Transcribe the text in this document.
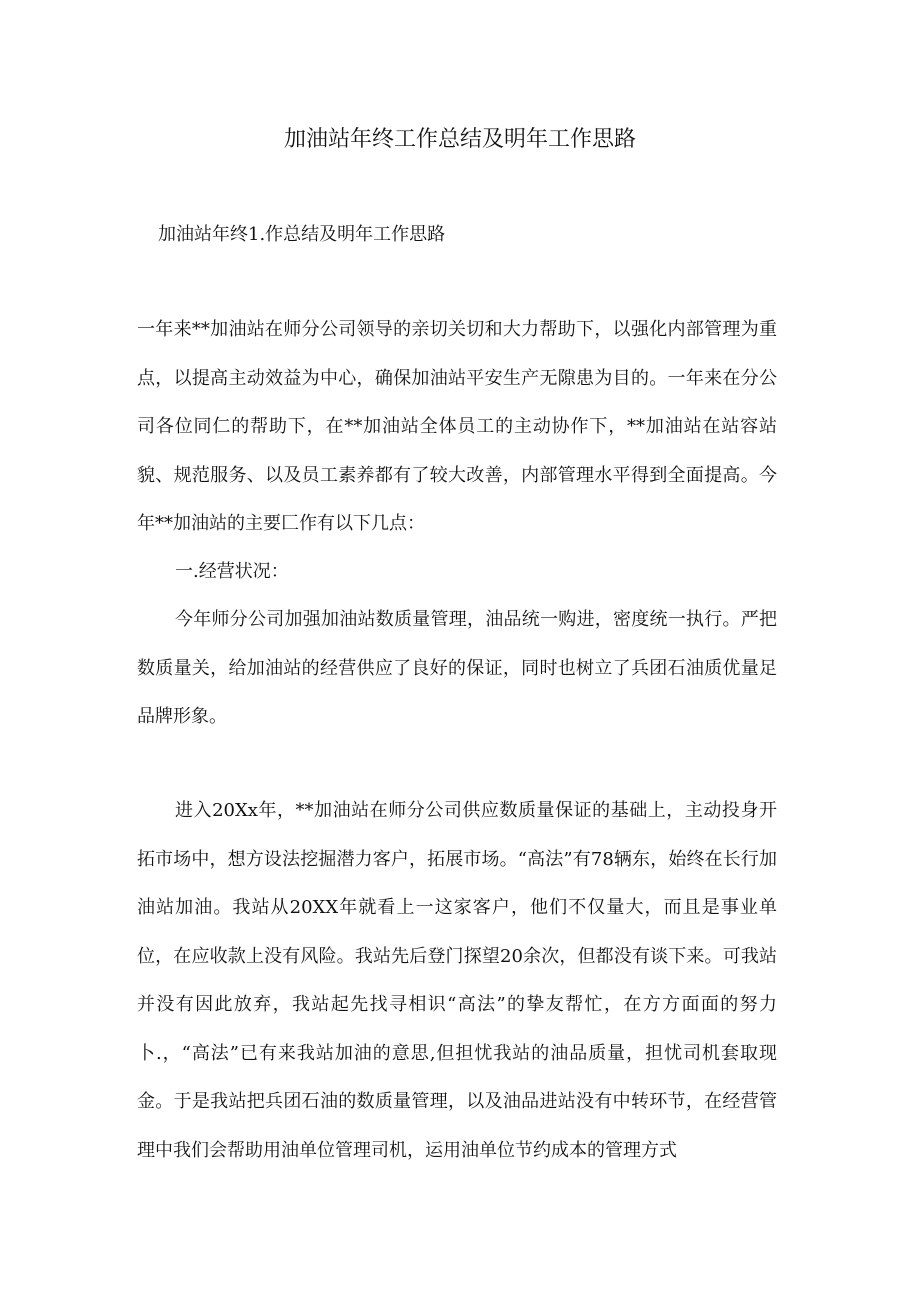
加油站年终工作总结及明年工作思路

加油站年终1.作总结及明年工作思路

一年来**加油站在师分公司领导的亲切关切和大力帮助下，以强化内部管理为重点，以提高主动效益为中心，确保加油站平安生产无隙患为目的。一年来在分公司各位同仁的帮助下，在**加油站全体员工的主动协作下，**加油站在站容站貌、规范服务、以及员工素养都有了较大改善，内部管理水平得到全面提高。今年**加油站的主要匚作有以下几点：

一.经营状况：

今年师分公司加强加油站数质量管理，油品统一购进，密度统一执行。严把数质量关，给加油站的经营供应了良好的保证，同时也树立了兵团石油质优量足品牌形象。

进入20Xx年，**加油站在师分公司供应数质量保证的基础上，主动投身开拓市场中，想方设法挖掘潜力客户，拓展市场。“高法”有78辆东，始终在长行加油站加油。我站从20XX年就看上一这家客户，他们不仅量大，而且是事业单位，在应收款上没有风险。我站先后登门探望20余次，但都没有谈下来。可我站并没有因此放弃，我站起先找寻相识“高法”的挚友帮忙，在方方面面的努力卜.，“高法”已有来我站加油的意思,但担忧我站的油品质量，担忧司机套取现金。于是我站把兵团石油的数质量管理，以及油品进站没有中转环节，在经营管理中我们会帮助用油单位管理司机，运用油单位节约成本的管理方式
